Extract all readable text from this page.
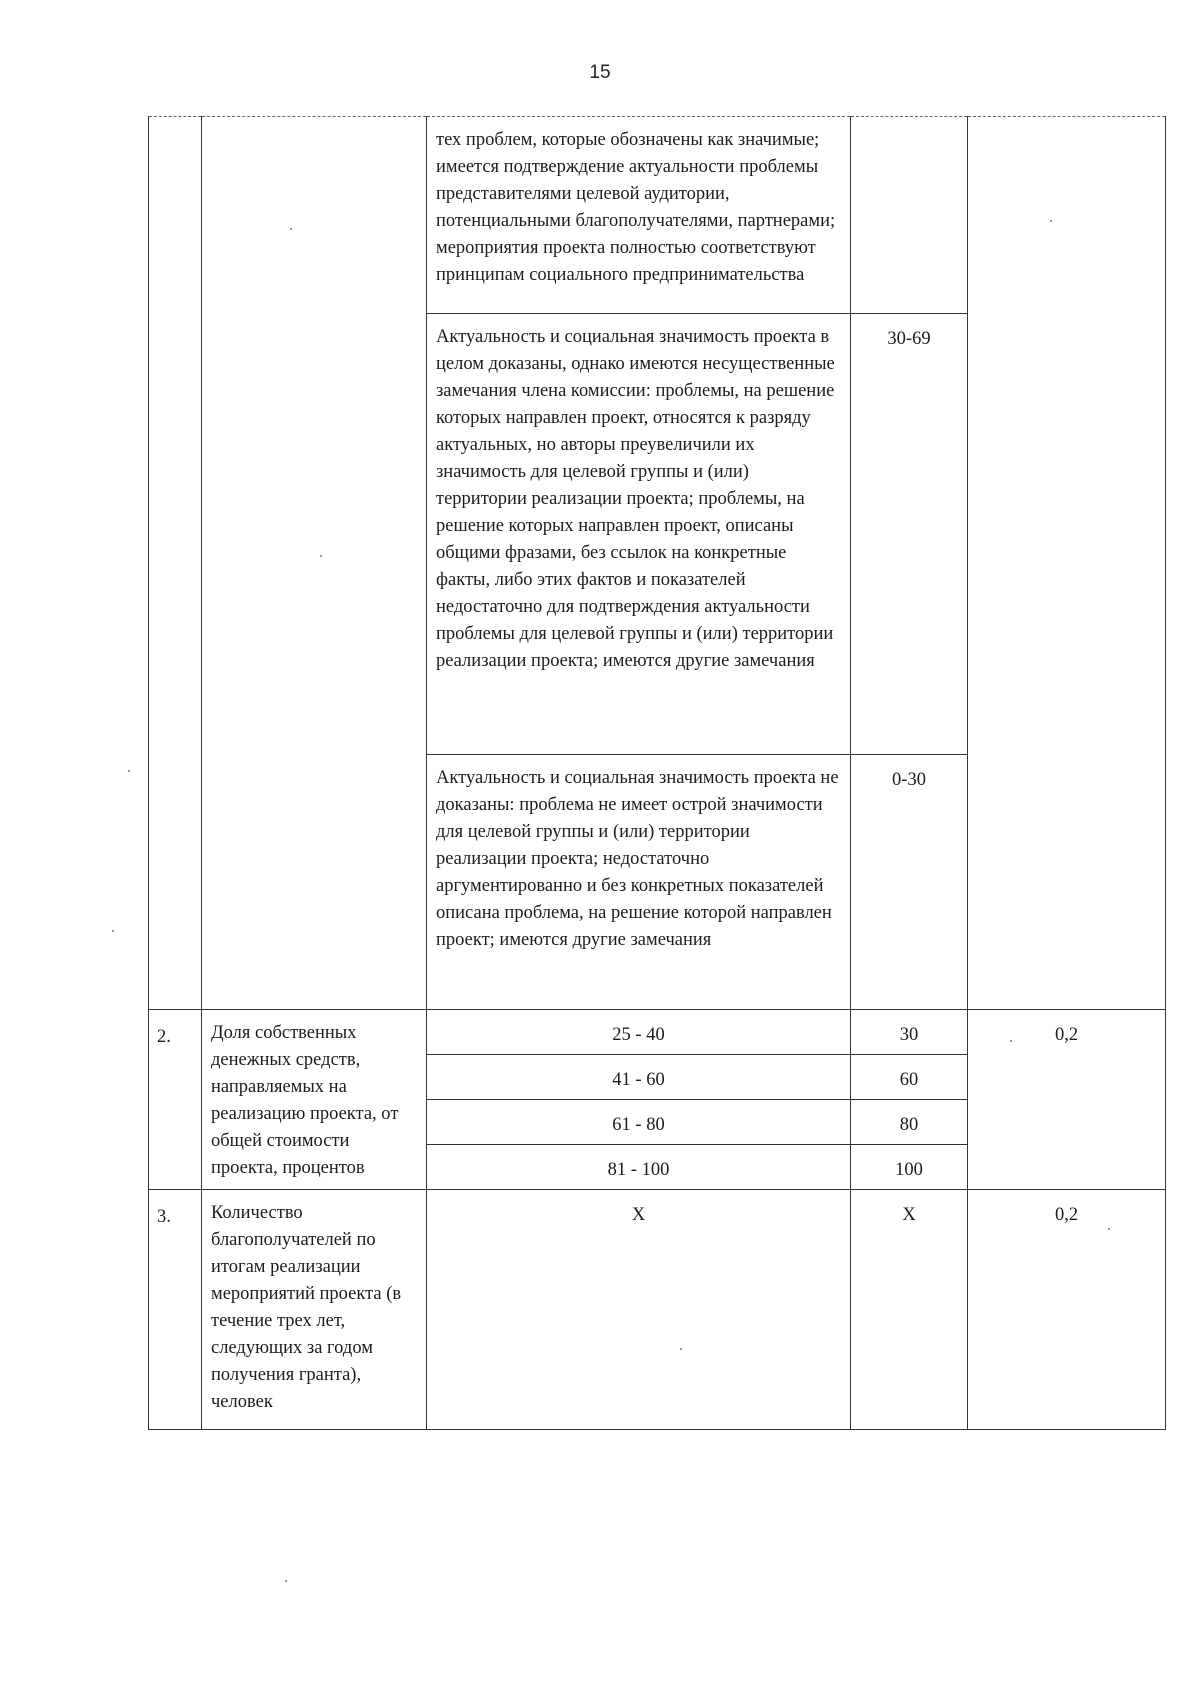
15
		тех проблем, которые обозначены как значимые; имеется подтверждение актуальности проблемы представителями целевой аудитории, потенциальными благополучателями, партнерами; мероприятия проекта полностью соответствуют принципам социального предпринимательства		
		Актуальность и социальная значимость проекта в целом доказаны, однако имеются несущественные замечания члена комиссии: проблемы, на решение которых направлен проект, относятся к разряду актуальных, но авторы преувеличили их значимость для целевой группы и (или) территории реализации проекта; проблемы, на решение которых направлен проект, описаны общими фразами, без ссылок на конкретные факты, либо этих фактов и показателей недостаточно для подтверждения актуальности проблемы для целевой группы и (или) территории реализации проекта; имеются другие замечания	30-69	
		Актуальность и социальная значимость проекта не доказаны: проблема не имеет острой значимости для целевой группы и (или) территории реализации проекта; недостаточно аргументированно и без конкретных показателей описана проблема, на решение которой направлен проект; имеются другие замечания	0-30	
2.	Доля собственных денежных средств, направляемых на реализацию проекта, от общей стоимости проекта, процентов	25 - 40	30	0,2
		41 - 60	60	
		61 - 80	80	
		81 - 100	100	
3.	Количество благополучателей по итогам реализации мероприятий проекта (в течение трех лет, следующих за годом получения гранта), человек	X	X	0,2
